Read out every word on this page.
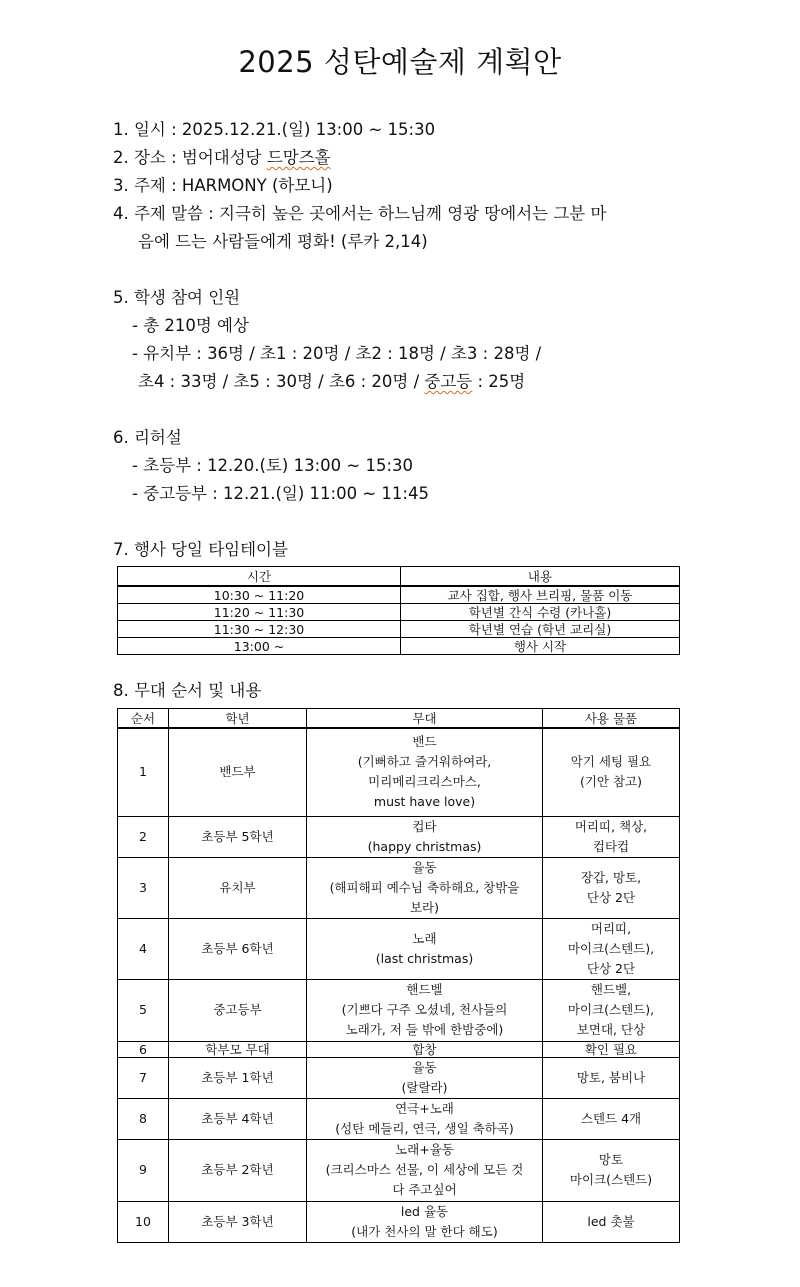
2025 성탄예술제 계획안
1. 일시 : 2025.12.21.(일) 13:00 ~ 15:30
2. 장소 : 범어대성당 드망즈홀
3. 주제 : HARMONY (하모니)
4. 주제 말씀 : 지극히 높은 곳에서는 하느님께 영광 땅에서는 그분 마
음에 드는 사람들에게 평화! (루카 2,14)
5. 학생 참여 인원
- 총 210명 예상
- 유치부 : 36명 / 초1 : 20명 / 초2 : 18명 / 초3 : 28명 /
초4 : 33명 / 초5 : 30명 / 초6 : 20명 / 중고등 : 25명
6. 리허설
- 초등부 : 12.20.(토) 13:00 ~ 15:30
- 중고등부 : 12.21.(일) 11:00 ~ 11:45
7. 행사 당일 타임테이블
시간	내용
10:30 ~ 11:20	교사 집합, 행사 브리핑, 물품 이동
11:20 ~ 11:30	학년별 간식 수령 (카나홀)
11:30 ~ 12:30	학년별 연습 (학년 교리실)
13:00 ~	행사 시작
8. 무대 순서 및 내용
순서	학년	무대	사용 물품

1	밴드부	밴드
(기뻐하고 즐거워하여라,
미리메리크리스마스,
must have love)	악기 세팅 필요
(기안 참고)

2	초등부 5학년	컵타
(happy christmas)	머리띠, 책상,
컵타컵

3	유치부	율동
(해피해피 예수님 축하해요, 창밖을
보라)	장갑, 망토,
단상 2단

4	초등부 6학년	노래
(last christmas)	머리띠,
마이크(스텐드),
단상 2단

5	중고등부	핸드벨
(기쁘다 구주 오셨네, 천사들의
노래가, 저 들 밖에 한밤중에)	핸드벨,
마이크(스텐드),
보면대, 단상

6	학부모 무대	합창	확인 필요

7	초등부 1학년	율동
(랄랄라)	망토, 붐비나

8	초등부 4학년	연극+노래
(성탄 메들리, 연극, 생일 축하곡)	스텐드 4개

9	초등부 2학년	노래+율동
(크리스마스 선물, 이 세상에 모든 것
다 주고싶어	망토
마이크(스텐드)

10	초등부 3학년	led 율동
(내가 천사의 말 한다 해도)	led 촛불
